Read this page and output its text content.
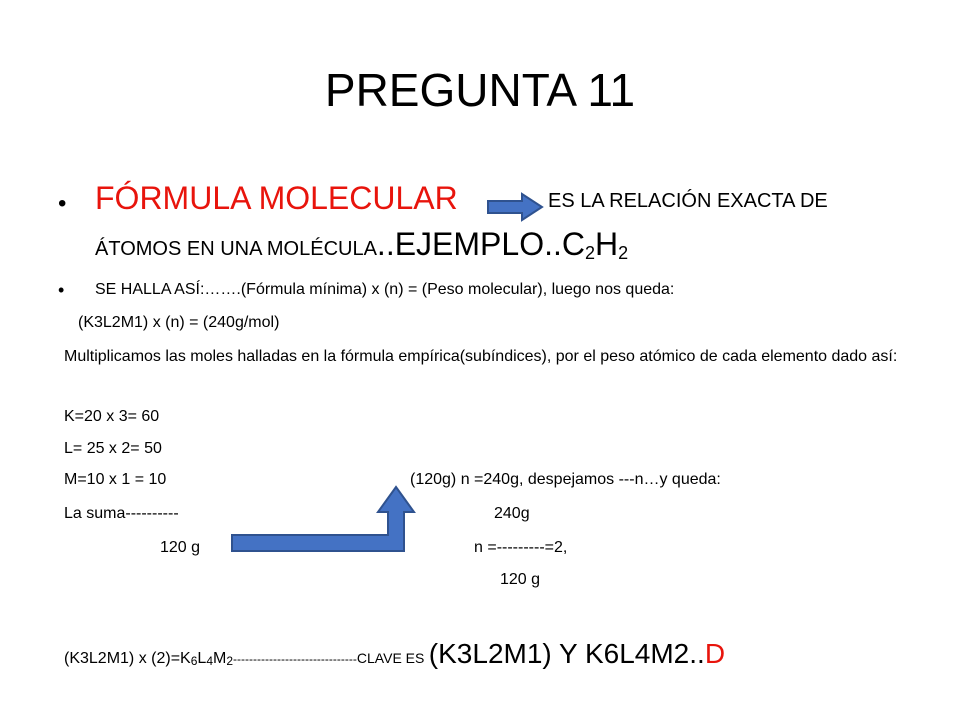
PREGUNTA 11
• FÓRMULA MOLECULAR	ES LA RELACIÓN EXACTA DE
ÁTOMOS EN UNA MOLÉCULA..EJEMPLO..C2H2
• SE HALLA ASÍ:…….(Fórmula mínima) x (n) = (Peso molecular), luego nos queda:
(K3L2M1) x (n) = (240g/mol)
Multiplicamos las moles halladas en la fórmula empírica(subíndices), por el peso atómico de cada elemento dado así:
K=20 x 3= 60
L= 25 x 2= 50
M=10 x 1 = 10	(120g) n =240g, despejamos ---n…y queda:
La suma----------	240g
120 g	n =---------=2,
120 g
(K3L2M1) x (2)=K6L4M2-------------------------------CLAVE ES (K3L2M1) Y K6L4M2..D
